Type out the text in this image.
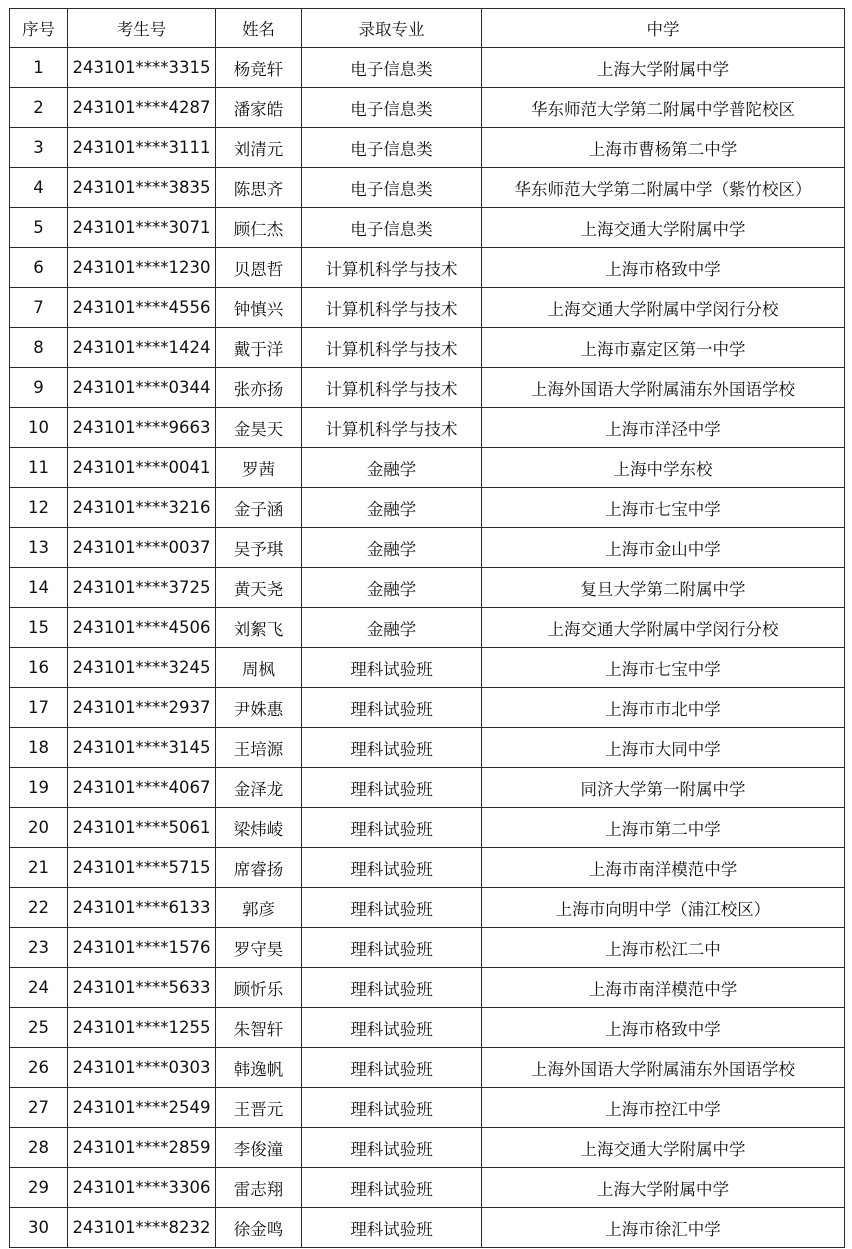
序号	考生号	姓名	录取专业	中学
1	243101****3315	杨竞轩	电子信息类	上海大学附属中学
2	243101****4287	潘家皓	电子信息类	华东师范大学第二附属中学普陀校区
3	243101****3111	刘清元	电子信息类	上海市曹杨第二中学
4	243101****3835	陈思齐	电子信息类	华东师范大学第二附属中学（紫竹校区）
5	243101****3071	顾仁杰	电子信息类	上海交通大学附属中学
6	243101****1230	贝恩哲	计算机科学与技术	上海市格致中学
7	243101****4556	钟慎兴	计算机科学与技术	上海交通大学附属中学闵行分校
8	243101****1424	戴于洋	计算机科学与技术	上海市嘉定区第一中学
9	243101****0344	张亦扬	计算机科学与技术	上海外国语大学附属浦东外国语学校
10	243101****9663	金昊天	计算机科学与技术	上海市洋泾中学
11	243101****0041	罗茜	金融学	上海中学东校
12	243101****3216	金子涵	金融学	上海市七宝中学
13	243101****0037	吴予琪	金融学	上海市金山中学
14	243101****3725	黄天尧	金融学	复旦大学第二附属中学
15	243101****4506	刘絮飞	金融学	上海交通大学附属中学闵行分校
16	243101****3245	周枫	理科试验班	上海市七宝中学
17	243101****2937	尹姝惠	理科试验班	上海市市北中学
18	243101****3145	王培源	理科试验班	上海市大同中学
19	243101****4067	金泽龙	理科试验班	同济大学第一附属中学
20	243101****5061	梁炜崚	理科试验班	上海市第二中学
21	243101****5715	席睿扬	理科试验班	上海市南洋模范中学
22	243101****6133	郭彦	理科试验班	上海市向明中学（浦江校区）
23	243101****1576	罗守昊	理科试验班	上海市松江二中
24	243101****5633	顾忻乐	理科试验班	上海市南洋模范中学
25	243101****1255	朱智轩	理科试验班	上海市格致中学
26	243101****0303	韩逸帆	理科试验班	上海外国语大学附属浦东外国语学校
27	243101****2549	王晋元	理科试验班	上海市控江中学
28	243101****2859	李俊潼	理科试验班	上海交通大学附属中学
29	243101****3306	雷志翔	理科试验班	上海大学附属中学
30	243101****8232	徐金鸣	理科试验班	上海市徐汇中学
